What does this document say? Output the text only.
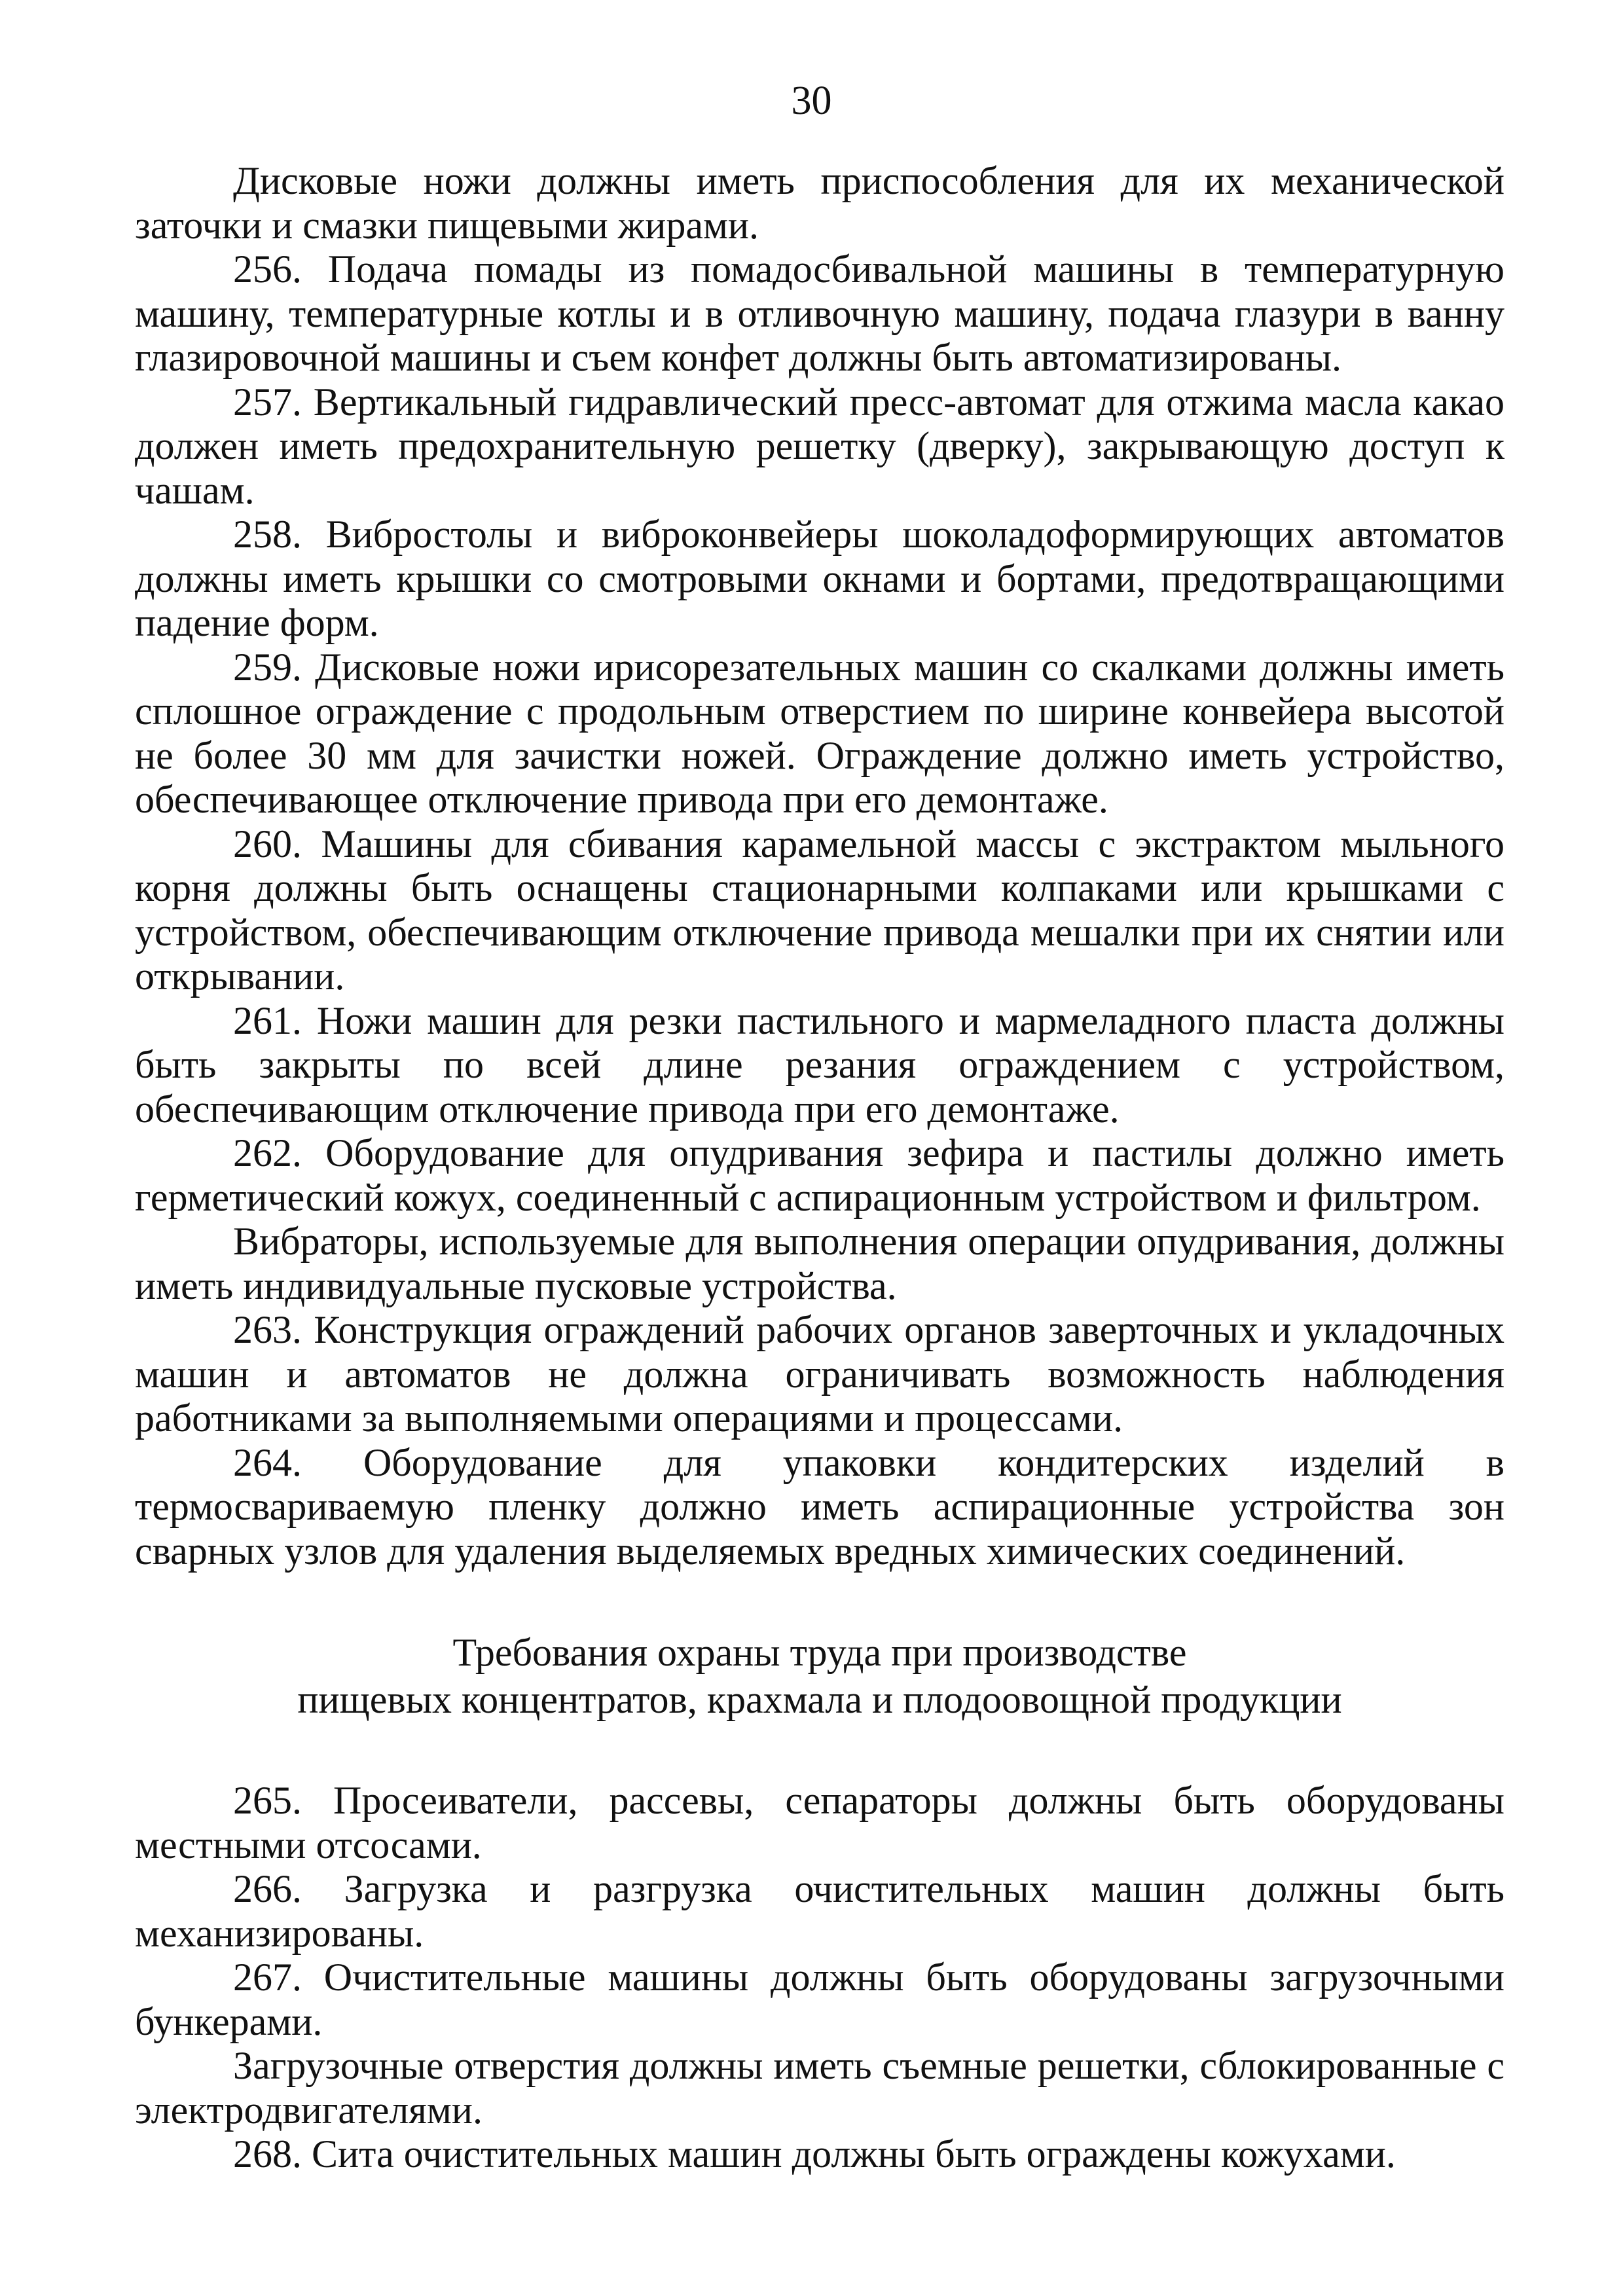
30

Дисковые ножи должны иметь приспособления для их механической заточки и смазки пищевыми жирами.

256. Подача помады из помадосбивальной машины в температурную машину, температурные котлы и в отливочную машину, подача глазури в ванну глазировочной машины и съем конфет должны быть автоматизированы.

257. Вертикальный гидравлический пресс-автомат для отжима масла какао должен иметь предохранительную решетку (дверку), закрывающую доступ к чашам.

258. Вибростолы и виброконвейеры шоколадоформирующих автоматов должны иметь крышки со смотровыми окнами и бортами, предотвращающими падение форм.

259. Дисковые ножи ирисорезательных машин со скалками должны иметь сплошное ограждение с продольным отверстием по ширине конвейера высотой не более 30 мм для зачистки ножей. Ограждение должно иметь устройство, обеспечивающее отключение привода при его демонтаже.

260. Машины для сбивания карамельной массы с экстрактом мыльного корня должны быть оснащены стационарными колпаками или крышками с устройством, обеспечивающим отключение привода мешалки при их снятии или открывании.

261. Ножи машин для резки пастильного и мармеладного пласта должны быть закрыты по всей длине резания ограждением с устройством, обеспечивающим отключение привода при его демонтаже.

262. Оборудование для опудривания зефира и пастилы должно иметь герметический кожух, соединенный с аспирационным устройством и фильтром.

Вибраторы, используемые для выполнения операции опудривания, должны иметь индивидуальные пусковые устройства.

263. Конструкция ограждений рабочих органов заверточных и укладочных машин и автоматов не должна ограничивать возможность наблюдения работниками за выполняемыми операциями и процессами.

264. Оборудование для упаковки кондитерских изделий в термосвариваемую пленку должно иметь аспирационные устройства зон сварных узлов для удаления выделяемых вредных химических соединений.

Требования охраны труда при производстве
пищевых концентратов, крахмала и плодоовощной продукции

265. Просеиватели, рассевы, сепараторы должны быть оборудованы местными отсосами.

266. Загрузка и разгрузка очистительных машин должны быть механизированы.

267. Очистительные машины должны быть оборудованы загрузочными бункерами.

Загрузочные отверстия должны иметь съемные решетки, сблокированные с электродвигателями.

268. Сита очистительных машин должны быть ограждены кожухами.
